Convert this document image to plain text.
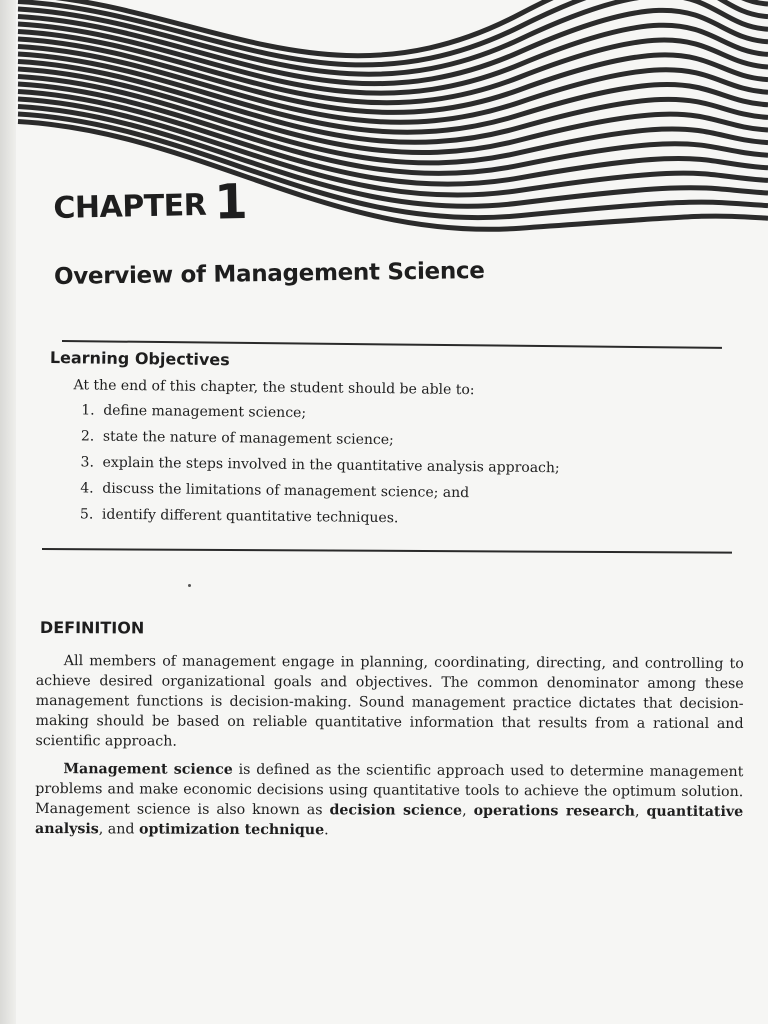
CHAPTER 1
Overview of Management Science
Learning Objectives
At the end of this chapter, the student should be able to:
1. define management science;
2. state the nature of management science;
3. explain the steps involved in the quantitative analysis approach;
4. discuss the limitations of management science; and
5. identify different quantitative techniques.
DEFINITION

All members of management engage in planning, coordinating, directing, and controlling to achieve desired organizational goals and objectives. The common denominator among these management functions is decision-making. Sound management practice dictates that decision-making should be based on reliable quantitative information that results from a rational and scientific approach.

Management science is defined as the scientific approach used to determine management problems and make economic decisions using quantitative tools to achieve the optimum solution. Management science is also known as decision science, operations research, quantitative analysis, and optimization technique.
